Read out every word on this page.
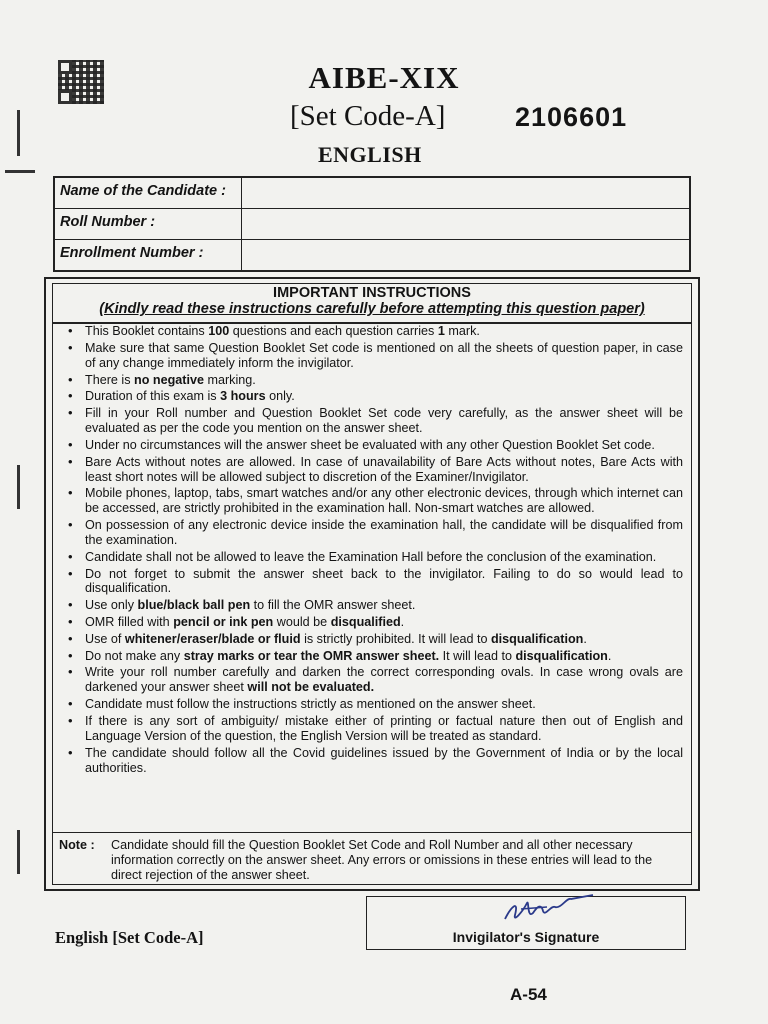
AIBE-XIX
[Set Code-A]	2106601
ENGLISH
Name of the Candidate :
Roll Number :
Enrollment Number :
IMPORTANT INSTRUCTIONS
(Kindly read these instructions carefully before attempting this question paper)
• This Booklet contains 100 questions and each question carries 1 mark.
• Make sure that same Question Booklet Set code is mentioned on all the sheets of question paper, in case of any change immediately inform the invigilator.
• There is no negative marking.
• Duration of this exam is 3 hours only.
• Fill in your Roll number and Question Booklet Set code very carefully, as the answer sheet will be evaluated as per the code you mention on the answer sheet.
• Under no circumstances will the answer sheet be evaluated with any other Question Booklet Set code.
• Bare Acts without notes are allowed. In case of unavailability of Bare Acts without notes, Bare Acts with least short notes will be allowed subject to discretion of the Examiner/Invigilator.
• Mobile phones, laptop, tabs, smart watches and/or any other electronic devices, through which internet can be accessed, are strictly prohibited in the examination hall. Non-smart watches are allowed.
• On possession of any electronic device inside the examination hall, the candidate will be disqualified from the examination.
• Candidate shall not be allowed to leave the Examination Hall before the conclusion of the examination.
• Do not forget to submit the answer sheet back to the invigilator. Failing to do so would lead to disqualification.
• Use only blue/black ball pen to fill the OMR answer sheet.
• OMR filled with pencil or ink pen would be disqualified.
• Use of whitener/eraser/blade or fluid is strictly prohibited. It will lead to disqualification.
• Do not make any stray marks or tear the OMR answer sheet. It will lead to disqualification.
• Write your roll number carefully and darken the correct corresponding ovals. In case wrong ovals are darkened your answer sheet will not be evaluated.
• Candidate must follow the instructions strictly as mentioned on the answer sheet.
• If there is any sort of ambiguity/ mistake either of printing or factual nature then out of English and Language Version of the question, the English Version will be treated as standard.
• The candidate should follow all the Covid guidelines issued by the Government of India or by the local authorities.
Note : Candidate should fill the Question Booklet Set Code and Roll Number and all other necessary information correctly on the answer sheet. Any errors or omissions in these entries will lead to the direct rejection of the answer sheet.
English [Set Code-A]	Invigilator's Signature
A-54
